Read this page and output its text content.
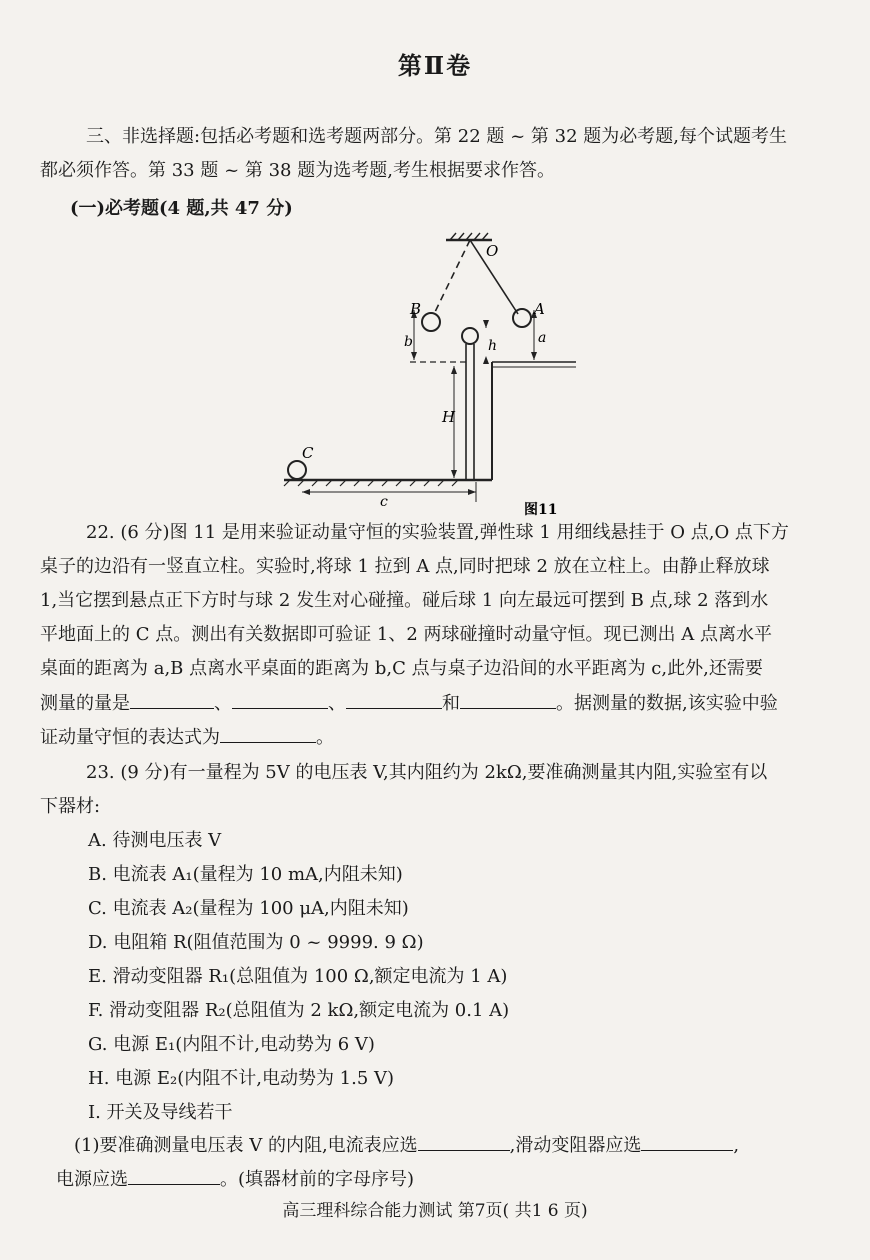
第Ⅱ卷
三、非选择题:包括必考题和选考题两部分。第 22 题 ~ 第 32 题为必考题,每个试题考生
都必须作答。第 33 题 ~ 第 38 题为选考题,考生根据要求作答。
(一)必考题(4 题,共 47 分)
O
A
B
C
a
b	h
H
c	图11
22. (6 分)图 11 是用来验证动量守恒的实验装置,弹性球 1 用细线悬挂于 O 点,O 点下方
桌子的边沿有一竖直立柱。实验时,将球 1 拉到 A 点,同时把球 2 放在立柱上。由静止释放球
1,当它摆到悬点正下方时与球 2 发生对心碰撞。碰后球 1 向左最远可摆到 B 点,球 2 落到水
平地面上的 C 点。测出有关数据即可验证 1、2 两球碰撞时动量守恒。现已测出 A 点离水平
桌面的距离为 a,B 点离水平桌面的距离为 b,C 点与桌子边沿间的水平距离为 c,此外,还需要
测量的量是	、	、	和	。据测量的数据,该实验中验
证动量守恒的表达式为	。
23. (9 分)有一量程为 5V 的电压表 V,其内阻约为 2kΩ,要准确测量其内阻,实验室有以
下器材:
A. 待测电压表 V
B. 电流表 A₁(量程为 10 mA,内阻未知)
C. 电流表 A₂(量程为 100 μA,内阻未知)
D. 电阻箱 R(阻值范围为 0 ~ 9999. 9 Ω)
E. 滑动变阻器 R₁(总阻值为 100 Ω,额定电流为 1 A)
F. 滑动变阻器 R₂(总阻值为 2 kΩ,额定电流为 0.1 A)
G. 电源 E₁(内阻不计,电动势为 6 V)
H. 电源 E₂(内阻不计,电动势为 1.5 V)
I. 开关及导线若干
(1)要准确测量电压表 V 的内阻,电流表应选	,滑动变阻器应选	,
电源应选	。(填器材前的字母序号)
高三理科综合能力测试 第7页( 共1 6 页)
